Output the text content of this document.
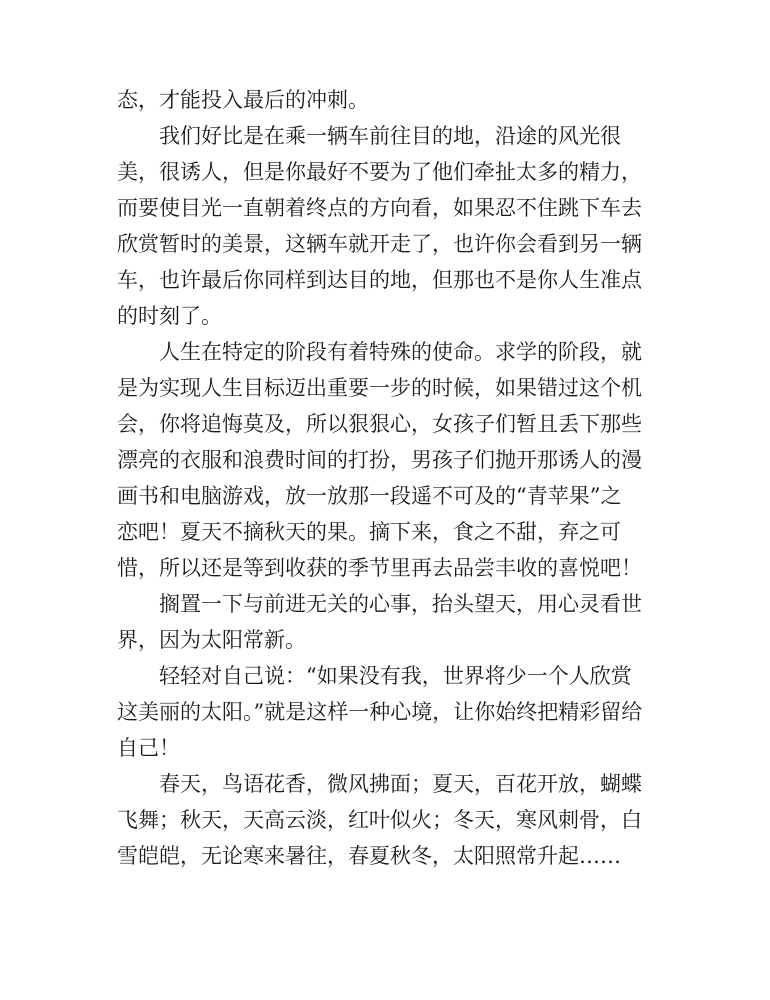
态，才能投入最后的冲刺。

我们好比是在乘一辆车前往目的地，沿途的风光很
美，很诱人，但是你最好不要为了他们牵扯太多的精力，
而要使目光一直朝着终点的方向看，如果忍不住跳下车去
欣赏暂时的美景，这辆车就开走了，也许你会看到另一辆
车，也许最后你同样到达目的地，但那也不是你人生准点
的时刻了。

人生在特定的阶段有着特殊的使命。求学的阶段，就
是为实现人生目标迈出重要一步的时候，如果错过这个机
会，你将追悔莫及，所以狠狠心，女孩子们暂且丢下那些
漂亮的衣服和浪费时间的打扮，男孩子们抛开那诱人的漫
画书和电脑游戏，放一放那一段遥不可及的“青苹果”之
恋吧！夏天不摘秋天的果。摘下来，食之不甜，弃之可
惜，所以还是等到收获的季节里再去品尝丰收的喜悦吧！

搁置一下与前进无关的心事，抬头望天，用心灵看世
界，因为太阳常新。

轻轻对自己说：“如果没有我，世界将少一个人欣赏
这美丽的太阳。”就是这样一种心境，让你始终把精彩留给
自己！

春天，鸟语花香，微风拂面；夏天，百花开放，蝴蝶
飞舞；秋天，天高云淡，红叶似火；冬天，寒风刺骨，白
雪皑皑，无论寒来暑往，春夏秋冬，太阳照常升起……
